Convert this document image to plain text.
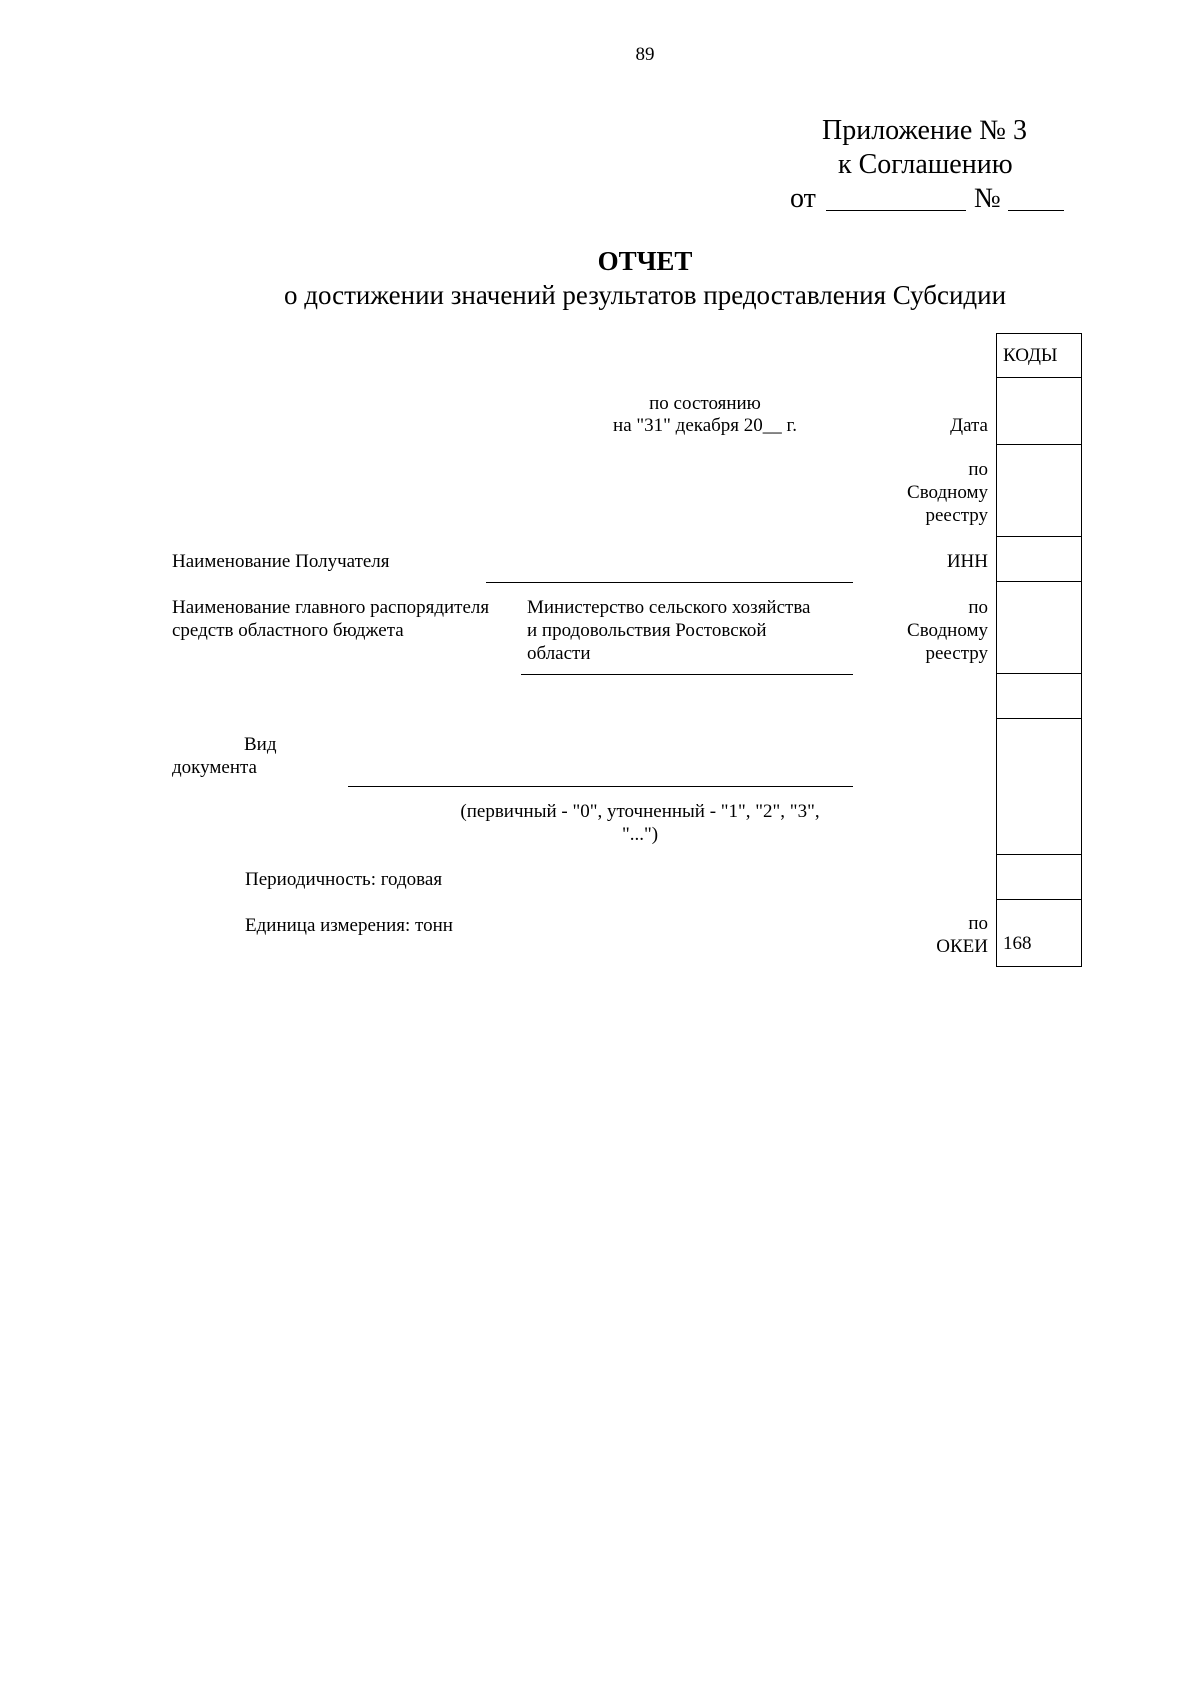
89
Приложение № 3
к Соглашению
от	№
ОТЧЕТ
о достижении значений результатов предоставления Субсидии
КОДЫ
168
по состоянию
на "31" декабря 20__ г.	Дата
по
Сводному
реестру
ИНН
по
Сводному
реестру
по
ОКЕИ
Наименование Получателя
Наименование главного распорядителя
средств областного бюджета
Министерство сельского хозяйства
и продовольствия Ростовской
области
Вид
документа
(первичный - "0", уточненный - "1", "2", "3",
"...")
Периодичность: годовая
Единица измерения: тонн
